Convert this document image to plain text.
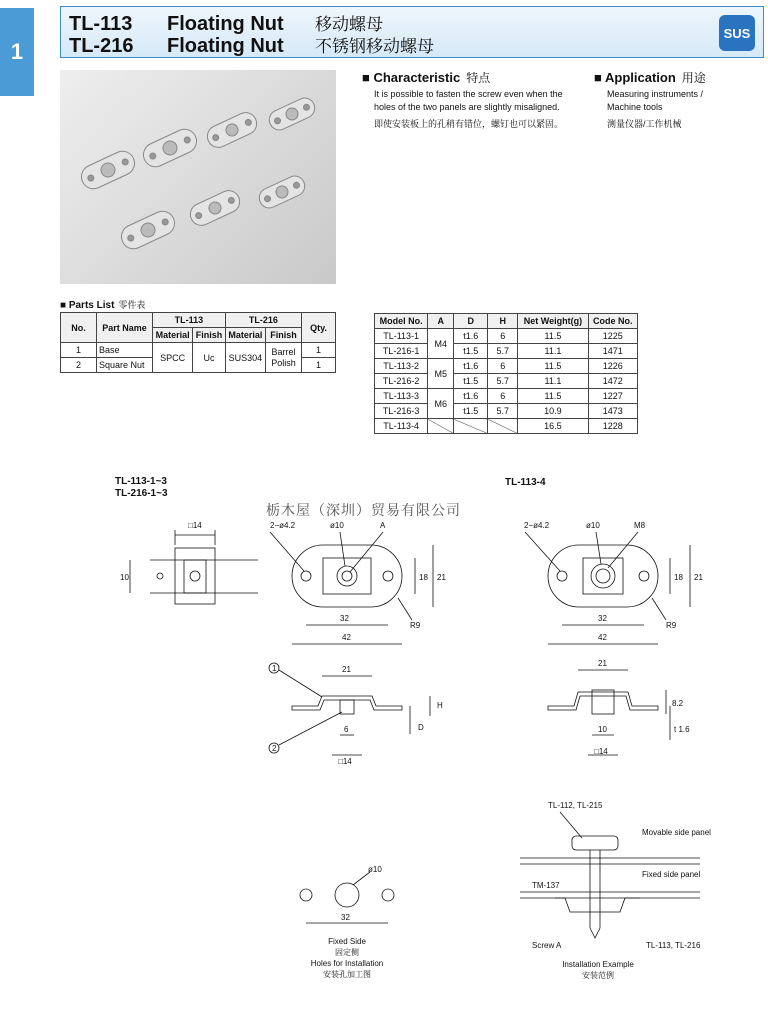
1
TL-113 Floating Nut 移动螺母
TL-216 Floating Nut 不锈钢移动螺母
SUS
■ Characteristic 特点
It is possible to fasten the screw even when the
holes of the two panels are slightly misaligned.
即使安装板上的孔稍有错位，螺钉也可以紧固。
■ Application 用途
Measuring instruments /
Machine tools
测量仪器/工作机械
■ Parts List 零件表
No.	Part Name	TL-113		TL-216		Qty.
		Material	Finish	Material	Finish	
1	Base	SPCC	Uc	SUS304	Barrel Polish	1
2	Square Nut					1
Model No.	A	D	H	Net Weight(g)	Code No.
TL-113-1	M4	t1.6	6	11.5	1225
TL-216-1		t1.5	5.7	11.1	1471
TL-113-2	M5	t1.6	6	11.5	1226
TL-216-2		t1.5	5.7	11.1	1472
TL-113-3	M6	t1.6	6	11.5	1227
TL-216-3		t1.5	5.7	10.9	1473
TL-113-4				16.5	1228
TL-113-1~3
TL-216-1~3
TL-113-4
栃木屋（深圳）贸易有限公司
□14
10
2−ø4.2	ø10	A
18 21
32
42
R9
2−ø4.2	ø10	M8
18 21
32
42
R9
21
6
□14
D
H
1
2
21
10
□14
8.2
t 1.6
ø10
32
TL-112, TL-215
Movable side panel
Fixed side panel
TM-137
Screw A	TL-113, TL-216
Fixed Side
固定侧
Holes for Installation
安装孔加工图
Installation Example
安装范例
